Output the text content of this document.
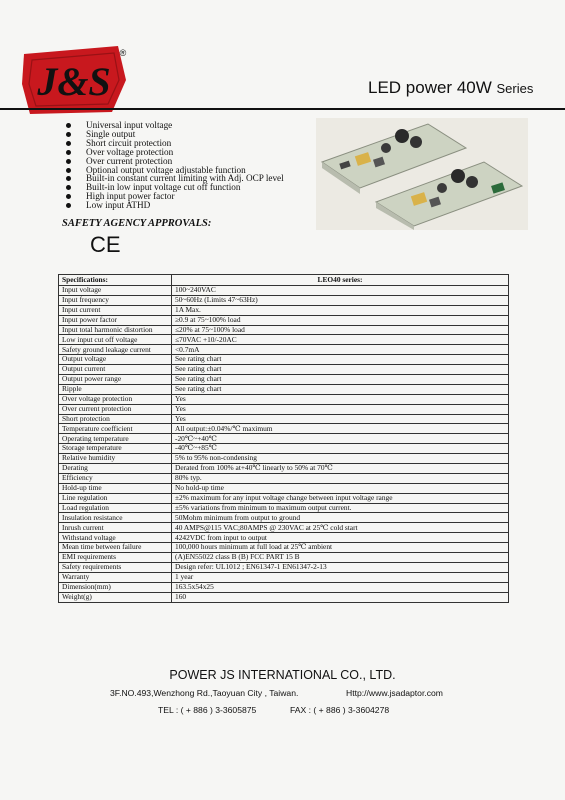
J&S
®
LED power 40W Series
Universal input voltage
Single output
Short circuit protection
Over voltage protection
Over current protection
Optional output voltage adjustable function
Built-in constant current limiting with Adj. OCP level
Built-in low input voltage cut off function
High input power factor
Low input ATHD
SAFETY AGENCY APPROVALS:
CE
Specifications:	LEO40 series:
Input voltage	100~240VAC
Input frequency	50~60Hz (Limits 47~63Hz)
Input current	1A Max.
Input power factor	≥0.9 at 75~100% load
Input total harmonic distortion	≤20% at 75~100% load
Low input cut off voltage	≤70VAC +10/-20AC
Safety ground leakage current	<0.7mA
Output voltage	See rating chart
Output current	See rating chart
Output power range	See rating chart
Ripple	See rating chart
Over voltage protection	Yes
Over current protection	Yes
Short protection	Yes
Temperature coefficient	All output:±0.04%/℃ maximum
Operating temperature	-20℃~+40℃
Storage temperature	-40℃~+85℃
Relative humidity	5% to 95% non-condensing
Derating	Derated from 100% at+40℃ linearly to 50% at 70℃
Efficiency	80% typ.
Hold-up time	No hold-up time
Line regulation	±2% maximum for any input voltage change between input voltage range
Load regulation	±5% variations from minimum to maximum output current.
Insulation resistance	50Mohm minimum from output to ground
Inrush current	40 AMPS@115 VAC;80AMPS @ 230VAC at 25℃ cold start
Withstand voltage	4242VDC from input to output
Mean time between failure	100,000 hours minimum at full load at 25℃ ambient
EMI requirements	(A)EN55022 class B (B) FCC PART 15 B
Safety requirements	Design refer: UL1012 ; EN61347-1 EN61347-2-13
Warranty	1 year
Dimension(mm)	163.5x54x25
Weight(g)	160
POWER JS INTERNATIONAL CO., LTD.
3F.NO.493,Wenzhong Rd.,Taoyuan City , Taiwan.	Http://www.jsadaptor.com
TEL : ( + 886 ) 3-3605875	FAX : ( + 886 ) 3-3604278
